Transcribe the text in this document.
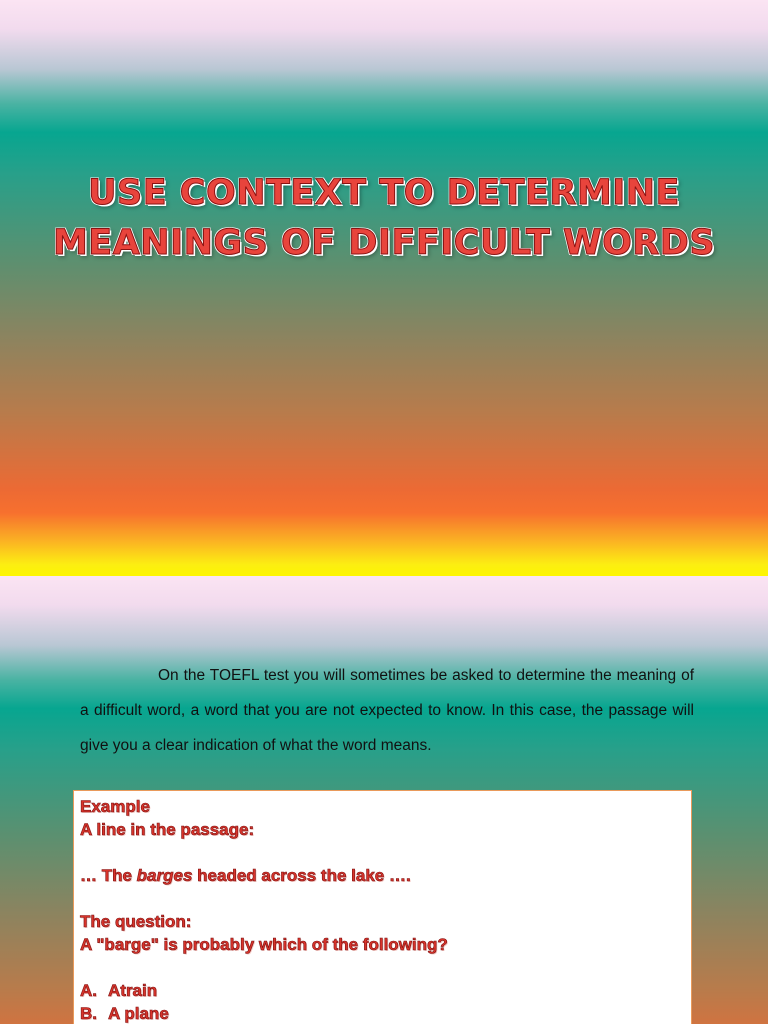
USE CONTEXT TO DETERMINE
MEANINGS OF DIFFICULT WORDS
On the TOEFL test you will sometimes be asked to determine the meaning of a difficult word, a word that you are not expected to know. In this case, the passage will give you a clear indication of what the word means.
Example
A line in the passage:
… The barges headed across the lake ….
The question:
A "barge" is probably which of the following?
A. Atrain
B. A plane
